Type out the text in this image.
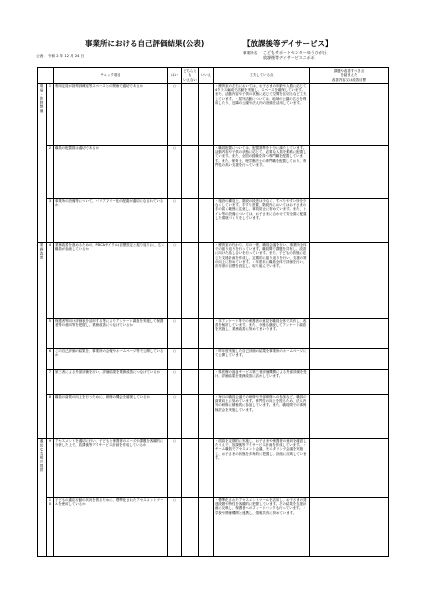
事業所における自己評価結果(公表)	【放課後等デイサービス】
公表： 令和 2 年 12 月 24 日
事業所名 こどもサポートセンターゆうひが丘
放課後等デイサービスニポポ
		チェック項目	はい	どちらとも
いえない	いいえ	工夫している点	課題や改善すべき点
を踏まえた
改善内容又は改善目標
環境・体制整備	1	利用定員が指導訓練室等スペースとの関係で適切であるか	○			・療育室の左右においては、お子さまの年齢や人数に応じて4クラス編成で活動を実施し、スペースを確保しています。また、活動内容や子供の状態に応じて空間を区切るなど工夫しています。・屋外活動については、地域の公園の広さを利用したり、近隣の公園や法人内の設備を活用しています。	
	2	職員の配置数は適切であるか	○			・職員配置については、配置基準を十分に満たしています。活動内容や子供の状態に応じて、必要な人員を柔軟に配置しています。また、全国の経験を持つ専門職を配置しています。また、保育士、理学療法士の専門職を配置しており、専門性の高い支援を行っています。	
	3	事業所の設備等について、バリアフリー化の配慮が適切になされているか	○			・施設の構造上、階段の段差は少なく、すべりやすい所を少なくしています。手すり設置、階段内においてはお子さまの手の届く範囲に注意し、事故防止に努めています。また、トイレ等の設備については、お子さまに合わせて安全面に配慮した環境づくりをしています。	
業務改善	4	業務改善を進めるための、PDCAサイクル(目標設定と振り返り)に、広く職員が参画しているか	○			・療育室の代わり、月の一度、職員会議を行い、事業所全体での振り返りを行っています。職員間で課題を共有し、改善に向けた話し合いを行っています。また、子どもの状態に応じた支援計画を作成し、定期的に振り返りを行い、支援の質の向上に努めています。・年度末に職員全体で評価を行い、次年度の目標を設定し、取り組んでいます。	
	5	保護者等向け評価表を活用する等によりアンケート調査を実施して保護者等の意向等を把握し、業務改善につなげているか	○			・年アンケート等での保護者の意見を職員全体で共有し、改善を検討しています。また、今後も継続してアンケート調査を実施し、業務改善に努めてまいります。	
	6	この自己評価の結果を、事業所の会報やホームページ等で公開しているか	○			・昨年度実施した自己評価の結果を事業所のホームページにて公開しています。	
	7	第三者による外部評価を行い、評価結果を業務改善につなげているか	○			・県医療の福祉サービス第三者評価機関による外部評価を受け、評価結果を業務改善に活かしています。	
	8	職員の資質の向上を行うために、研修の機会を確保しているか	○			・毎月の職員会議での研修や外部研修への参加など、職員の資質向上に努めています。専門性の向上を図るため、法人内外の研修に積極的に参加しています。また、職員間での事例検討会を実施しています。	
適切な支援の提供	9	アセスメントを適切に行い、子どもと保護者のニーズや課題を客観的に分析した上で、放課後等デイサービス計画を作成しているか	○			・面談を定期的に実施し、お子さまや保護者の意向を確認したうえで、放課後等デイサービス計画を作成しています。・チーム職員でアセスメント会議、モニタリング会議を実施し、お子さまの状態を多角的に把握し、計画に反映しています。	
	10	子どもの適応行動の状況を図るために、標準化されたアセスメントツールを使用しているか	○			・標準化されたアセスメントツールを活用し、お子さまの発達段階や特性を客観的に把握しています。その結果を支援計画に反映し、保護者へのフィードバックも行っています。・学校や関係機関と連携し、情報共有に努めています。	
